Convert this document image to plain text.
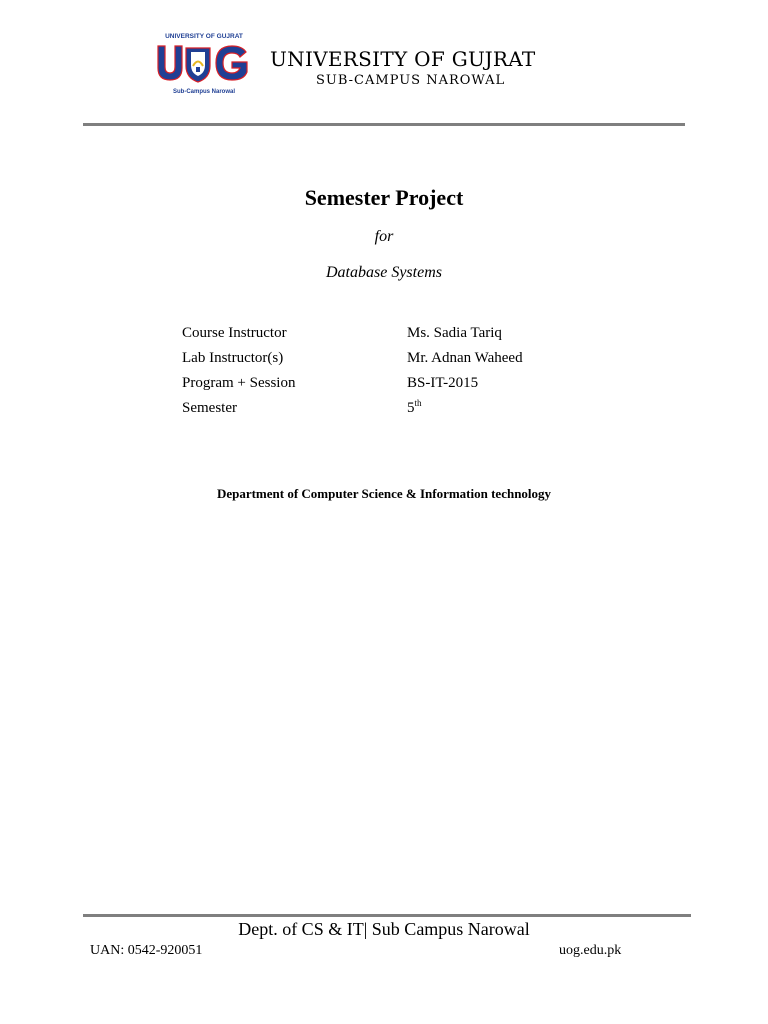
UNIVERSITY OF GUJRAT
Sub-Campus Narowal
UNIVERSITY OF GUJRAT
SUB-CAMPUS NAROWAL
Semester Project
for
Database Systems
Course Instructor	Ms. Sadia Tariq
Lab Instructor(s)	Mr. Adnan Waheed
Program + Session	BS-IT-2015
Semester	5th
Department of Computer Science & Information technology
Dept. of CS & IT| Sub Campus Narowal
UAN: 0542-920051	uog.edu.pk
